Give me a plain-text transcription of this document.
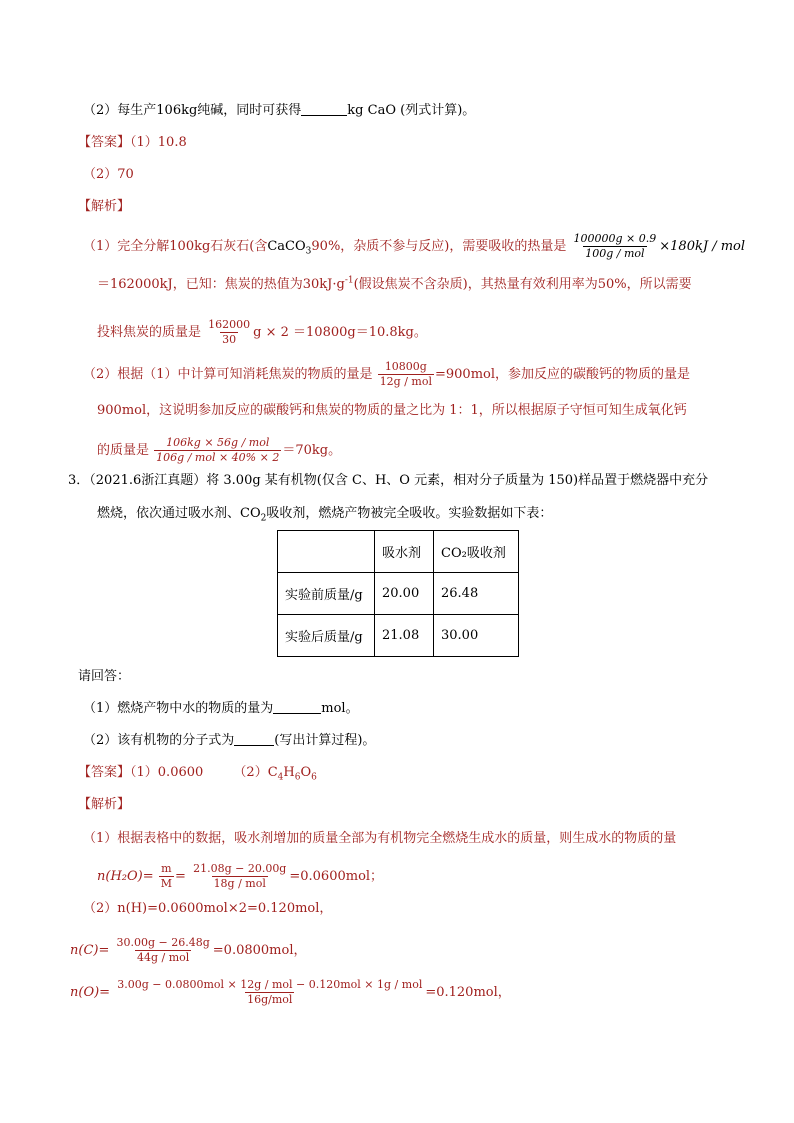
（2）每生产106kg纯碱，同时可获得	kg CaO (列式计算)。
【答案】（1）10.8
（2）70
【解析】
（1）完全分解100kg石灰石(含CaCO$_3$90%，杂质不参与反应)，需要吸收的热量是 $\frac{100000g \times 0.9}{\text{100g / mol}} \times 180kJ$ / mol
＝162000kJ，已知：焦炭的热值为$30kJ\cdot g^{-1}$(假设焦炭不含杂质)，其热量有效利用率为50%，所以需要
投料焦炭的质量是 $\frac{162000}{30}$ g × 2 ＝10800g＝10.8kg。
（2）根据（1）中计算可知消耗焦炭的物质的量是 $\frac{10800g}{\text{12g / mol}} =900mol$，参加反应的碳酸钙的物质的量是
900mol，这说明参加反应的碳酸钙和焦炭的物质的量之比为 1：1，所以根据原子守恒可知生成氧化钙
的质量是 $\frac{\text{106kg × 56g / mol}}{\text{106g / mol × 40\% × 2}} =70kg$。
3．（2021.6浙江真题）将 3.00g 某有机物(仅含 C、H、O 元素，相对分子质量为 150)样品置于燃烧器中充分
燃烧，依次通过吸水剂、$CO_2$吸收剂，燃烧产物被完全吸收。实验数据如下表：
	吸水剂	CO₂吸收剂
实验前质量/g	20.00	26.48
实验后质量/g	21.08	30.00
请回答：
（1）燃烧产物中水的物质的量为	mol。
（2）该有机物的分子式为	(写出计算过程)。
【答案】（1）0.0600 $(2)C_4H_6O_6$
【解析】
（1）根据表格中的数据，吸水剂增加的质量全部为有机物完全燃烧生成水的质量，则生成水的物质的量
$n(H_2O)= \frac{m}{M} = \frac{21.08g - 20.00g}{\text{18g / mol}} =0.0600mol$；
（2）n(H)=0.0600mol×2=0.120mol，
$n(C)= \frac{30.00g - 26.48g}{\text{44g / mol}} =0.0800mol$，
$n(O)= \frac{\text{3.00g − 0.0800mol × 12g / mol − 0.120mol × 1g / mol}}{\text{16g/mol}} =0.120mol$，
